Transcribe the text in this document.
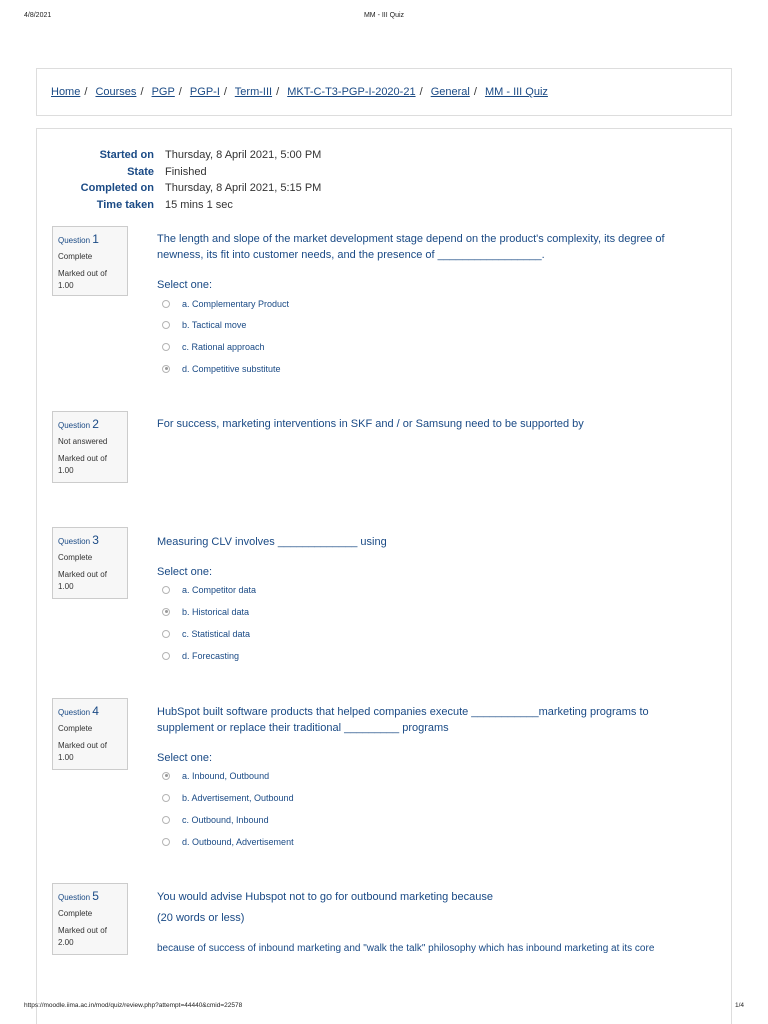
4/8/2021	MM - III Quiz
Home / Courses / PGP / PGP-I / Term-III / MKT-C-T3-PGP-I-2020-21 / General / MM - III Quiz
Started on Thursday, 8 April 2021, 5:00 PM
State Finished
Completed on Thursday, 8 April 2021, 5:15 PM
Time taken 15 mins 1 sec
Question 1
Complete
Marked out of 1.00
The length and slope of the market development stage depend on the product's complexity, its degree of newness, its fit into customer needs, and the presence of _________________.
Select one:
a. Complementary Product
b. Tactical move
c. Rational approach
d. Competitive substitute
Question 2
Not answered
Marked out of 1.00
For success, marketing interventions in SKF and / or Samsung need to be supported by
Question 3
Complete
Marked out of 1.00
Measuring CLV involves _____________ using
Select one:
a. Competitor data
b. Historical data
c. Statistical data
d. Forecasting
Question 4
Complete
Marked out of 1.00
HubSpot built software products that helped companies execute ___________marketing programs to supplement or replace their traditional _________ programs
Select one:
a. Inbound, Outbound
b. Advertisement, Outbound
c. Outbound, Inbound
d. Outbound, Advertisement
Question 5
Complete
Marked out of 2.00
You would advise Hubspot not to go for outbound marketing because
(20 words or less)
because of success of inbound marketing and "walk the talk" philosophy which has inbound marketing at its core
https://moodle.iima.ac.in/mod/quiz/review.php?attempt=44440&cmid=22578	1/4
